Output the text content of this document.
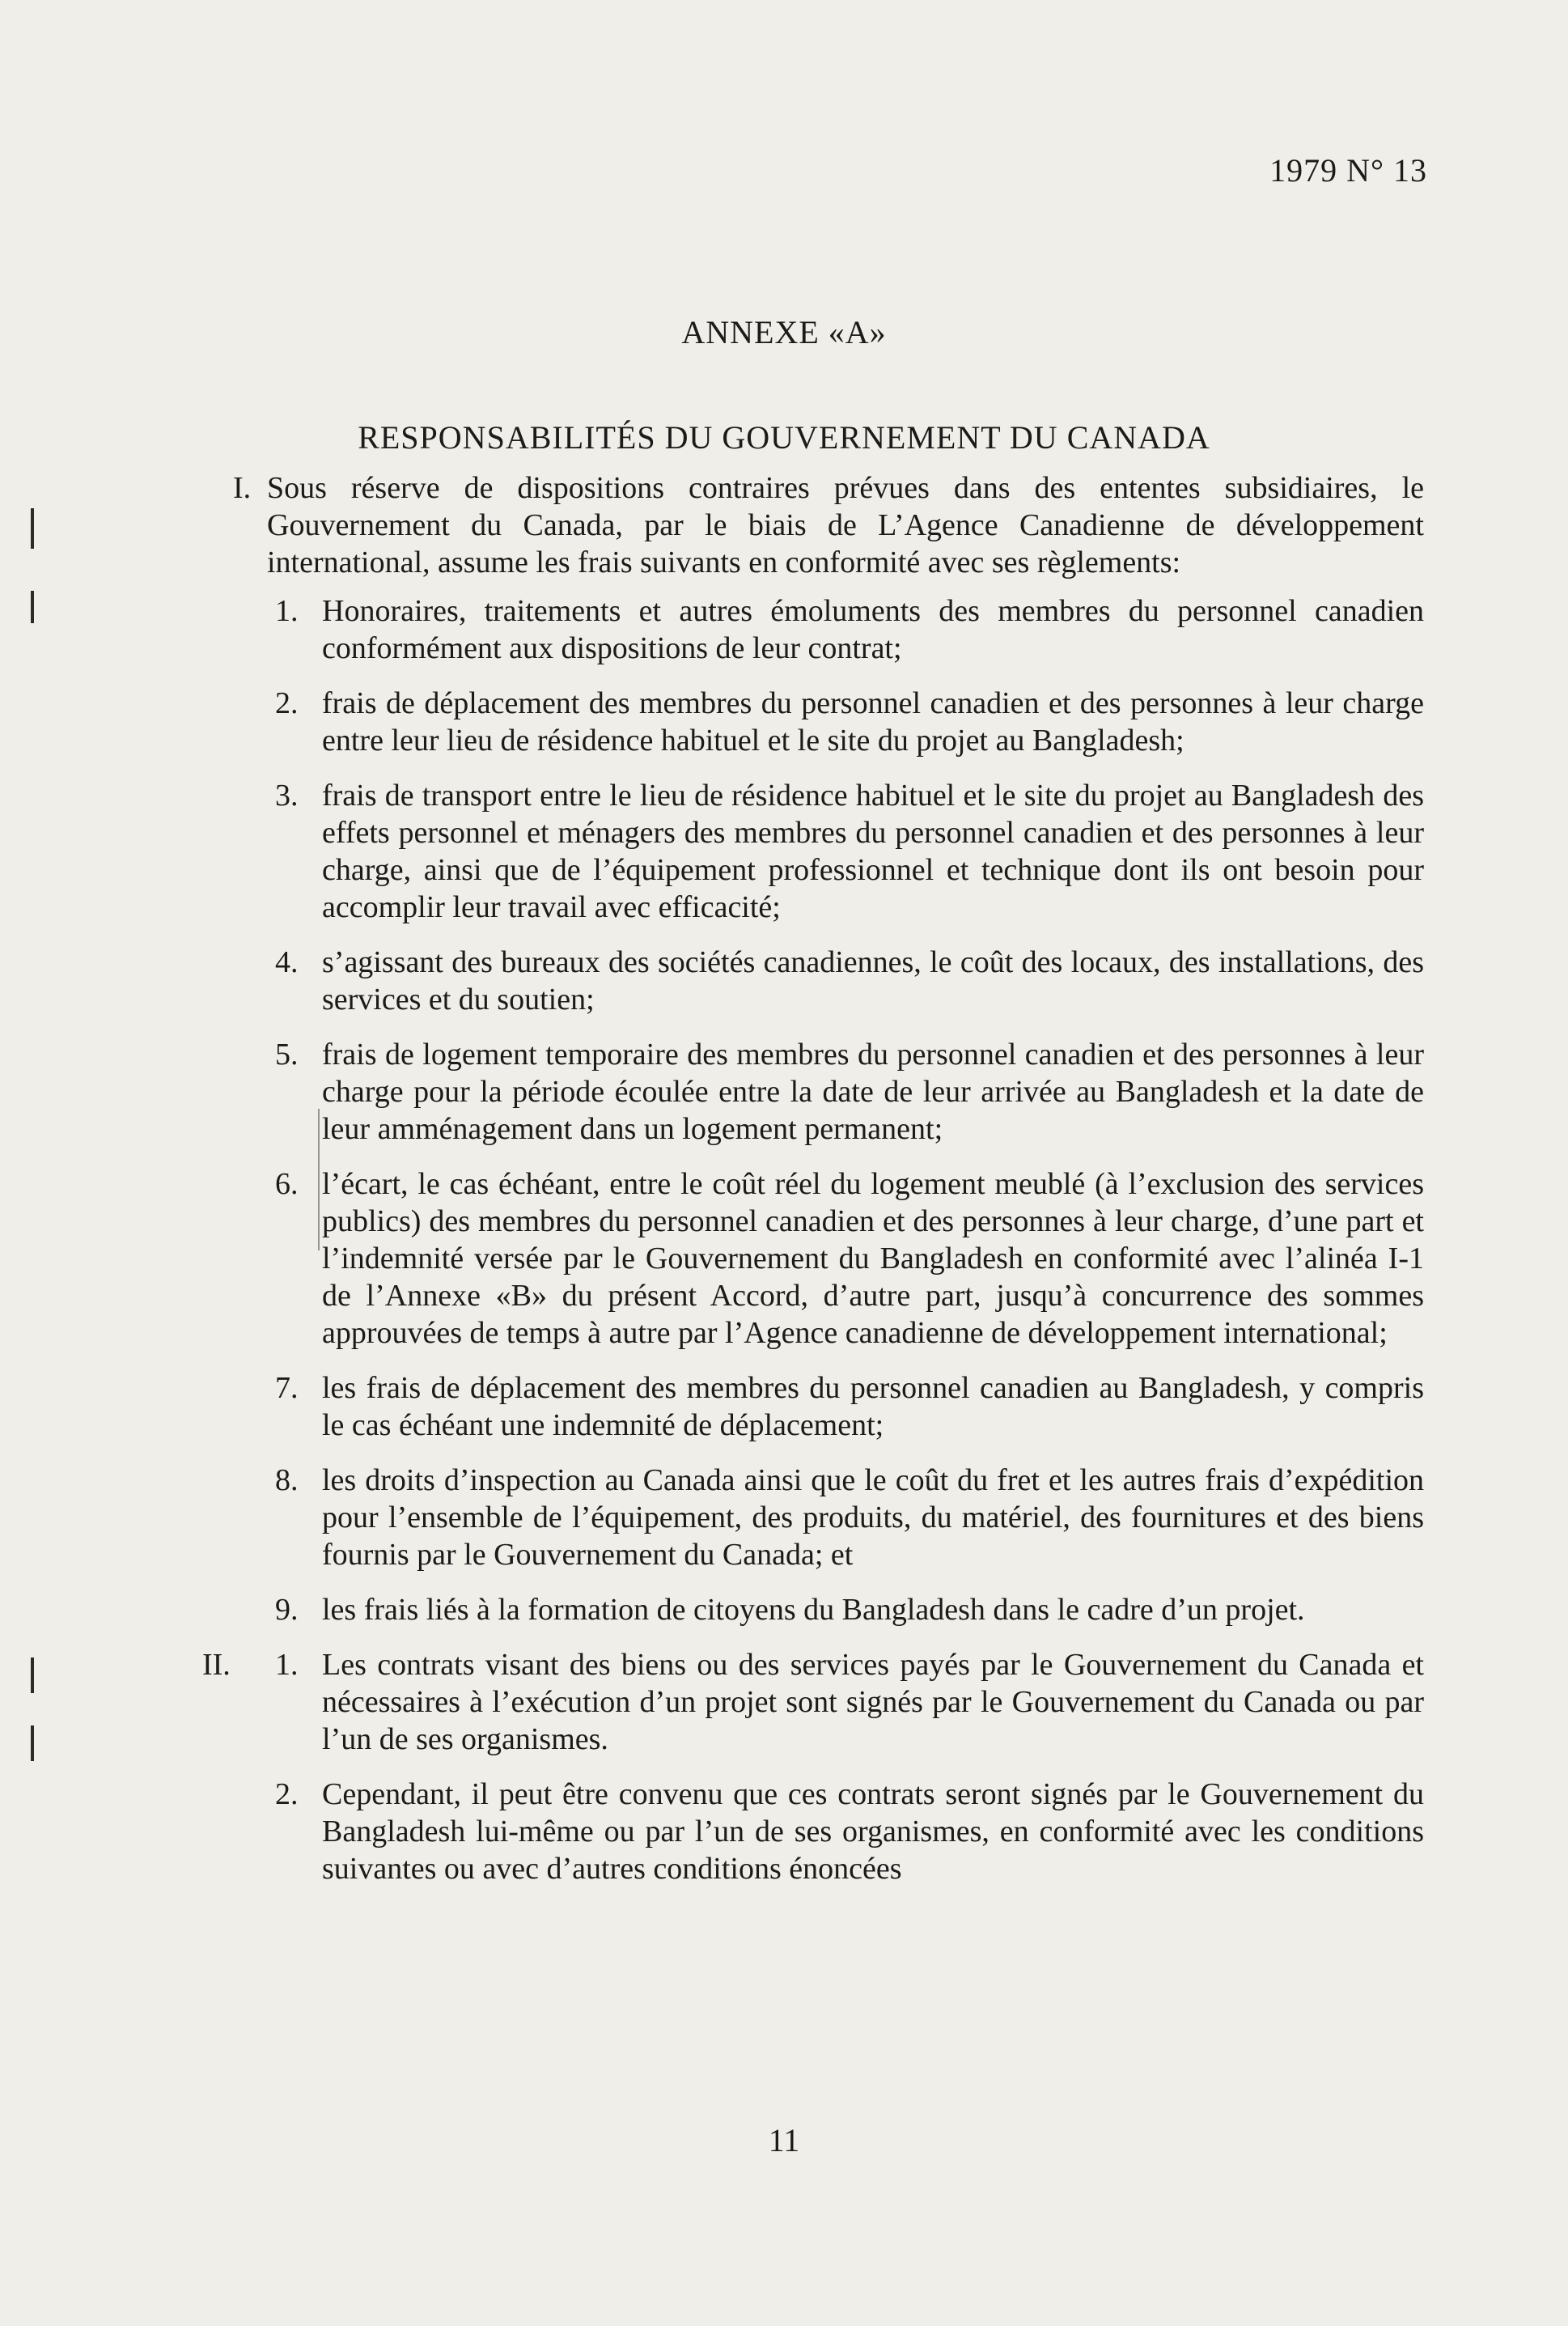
1979 N° 13
ANNEXE «A»
RESPONSABILITÉS DU GOUVERNEMENT DU CANADA
I. Sous réserve de dispositions contraires prévues dans des ententes subsidiaires, le Gouvernement du Canada, par le biais de L’Agence Canadienne de développement international, assume les frais suivants en conformité avec ses règlements:
1. Honoraires, traitements et autres émoluments des membres du personnel canadien conformément aux dispositions de leur contrat;
2. frais de déplacement des membres du personnel canadien et des personnes à leur charge entre leur lieu de résidence habituel et le site du projet au Bangladesh;
3. frais de transport entre le lieu de résidence habituel et le site du projet au Bangladesh des effets personnel et ménagers des membres du personnel canadien et des personnes à leur charge, ainsi que de l’équipement professionnel et technique dont ils ont besoin pour accomplir leur travail avec efficacité;
4. s’agissant des bureaux des sociétés canadiennes, le coût des locaux, des installations, des services et du soutien;
5. frais de logement temporaire des membres du personnel canadien et des personnes à leur charge pour la période écoulée entre la date de leur arrivée au Bangladesh et la date de leur amménagement dans un logement permanent;
6. l’écart, le cas échéant, entre le coût réel du logement meublé (à l’exclusion des services publics) des membres du personnel canadien et des personnes à leur charge, d’une part et l’indemnité versée par le Gouvernement du Bangladesh en conformité avec l’alinéa I-1 de l’Annexe «B» du présent Accord, d’autre part, jusqu’à concurrence des sommes approuvées de temps à autre par l’Agence canadienne de développement international;
7. les frais de déplacement des membres du personnel canadien au Bangladesh, y compris le cas échéant une indemnité de déplacement;
8. les droits d’inspection au Canada ainsi que le coût du fret et les autres frais d’expédition pour l’ensemble de l’équipement, des produits, du matériel, des fournitures et des biens fournis par le Gouvernement du Canada; et
9. les frais liés à la formation de citoyens du Bangladesh dans le cadre d’un projet.
II. 1. Les contrats visant des biens ou des services payés par le Gouvernement du Canada et nécessaires à l’exécution d’un projet sont signés par le Gouvernement du Canada ou par l’un de ses organismes.
2. Cependant, il peut être convenu que ces contrats seront signés par le Gouvernement du Bangladesh lui-même ou par l’un de ses organismes, en conformité avec les conditions suivantes ou avec d’autres conditions énoncées
11
